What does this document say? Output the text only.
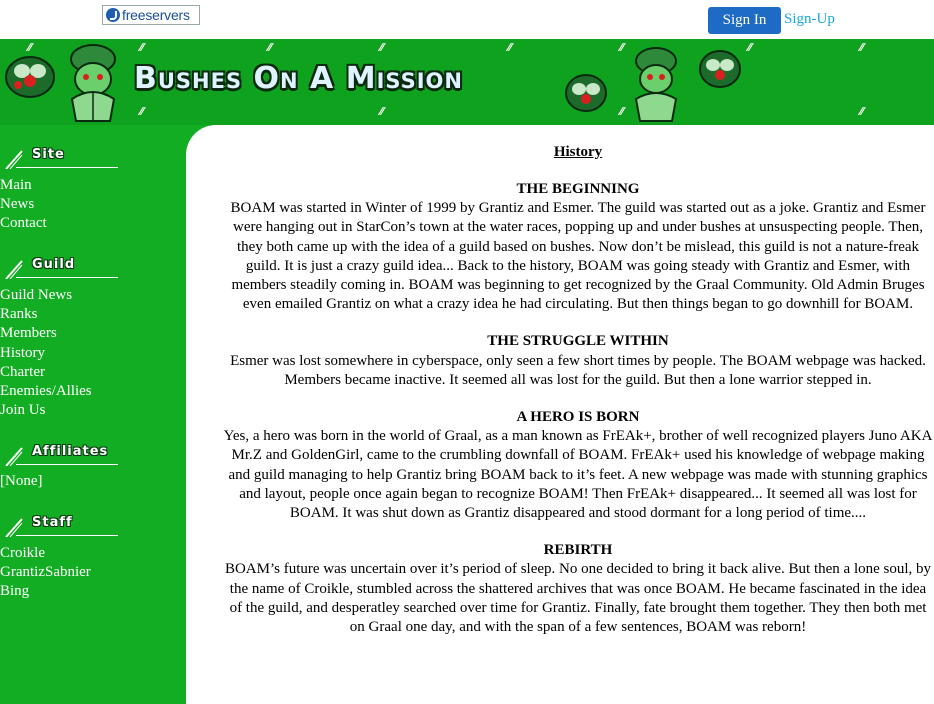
freeservers	Sign In	Sign-Up
Bushes On A Mission
⁄⁄	⁄⁄	⁄⁄	⁄⁄	⁄⁄	⁄⁄	⁄⁄	⁄⁄
⁄⁄	⁄⁄	⁄⁄	⁄⁄
Site
Main
News
Contact
Guild
Guild News
Ranks
Members
History
Charter
Enemies/Allies
Join Us
Affiliates
[None]
Staff
Croikle
GrantizSabnier
Bing
History
THE BEGINNING

BOAM was started in Winter of 1999 by Grantiz and Esmer. The guild was started out as a joke. Grantiz and Esmer were hanging out in StarCon’s town at the water races, popping up and under bushes at unsuspecting people. Then, they both came up with the idea of a guild based on bushes. Now don’t be mislead, this guild is not a nature-freak guild. It is just a crazy guild idea... Back to the history, BOAM was going steady with Grantiz and Esmer, with members steadily coming in. BOAM was beginning to get recognized by the Graal Community. Old Admin Bruges even emailed Grantiz on what a crazy idea he had circulating. But then things began to go downhill for BOAM.

THE STRUGGLE WITHIN

Esmer was lost somewhere in cyberspace, only seen a few short times by people. The BOAM webpage was hacked. Members became inactive. It seemed all was lost for the guild. But then a lone warrior stepped in.

A HERO IS BORN

Yes, a hero was born in the world of Graal, as a man known as FrEAk+, brother of well recognized players Juno AKA Mr.Z and GoldenGirl, came to the crumbling downfall of BOAM. FrEAk+ used his knowledge of webpage making and guild managing to help Grantiz bring BOAM back to it’s feet. A new webpage was made with stunning graphics and layout, people once again began to recognize BOAM! Then FrEAk+ disappeared... It seemed all was lost for BOAM. It was shut down as Grantiz disappeared and stood dormant for a long period of time....

REBIRTH

BOAM’s future was uncertain over it’s period of sleep. No one decided to bring it back alive. But then a lone soul, by the name of Croikle, stumbled across the shattered archives that was once BOAM. He became fascinated in the idea of the guild, and desperatley searched over time for Grantiz. Finally, fate brought them together. They then both met on Graal one day, and with the span of a few sentences, BOAM was reborn!
